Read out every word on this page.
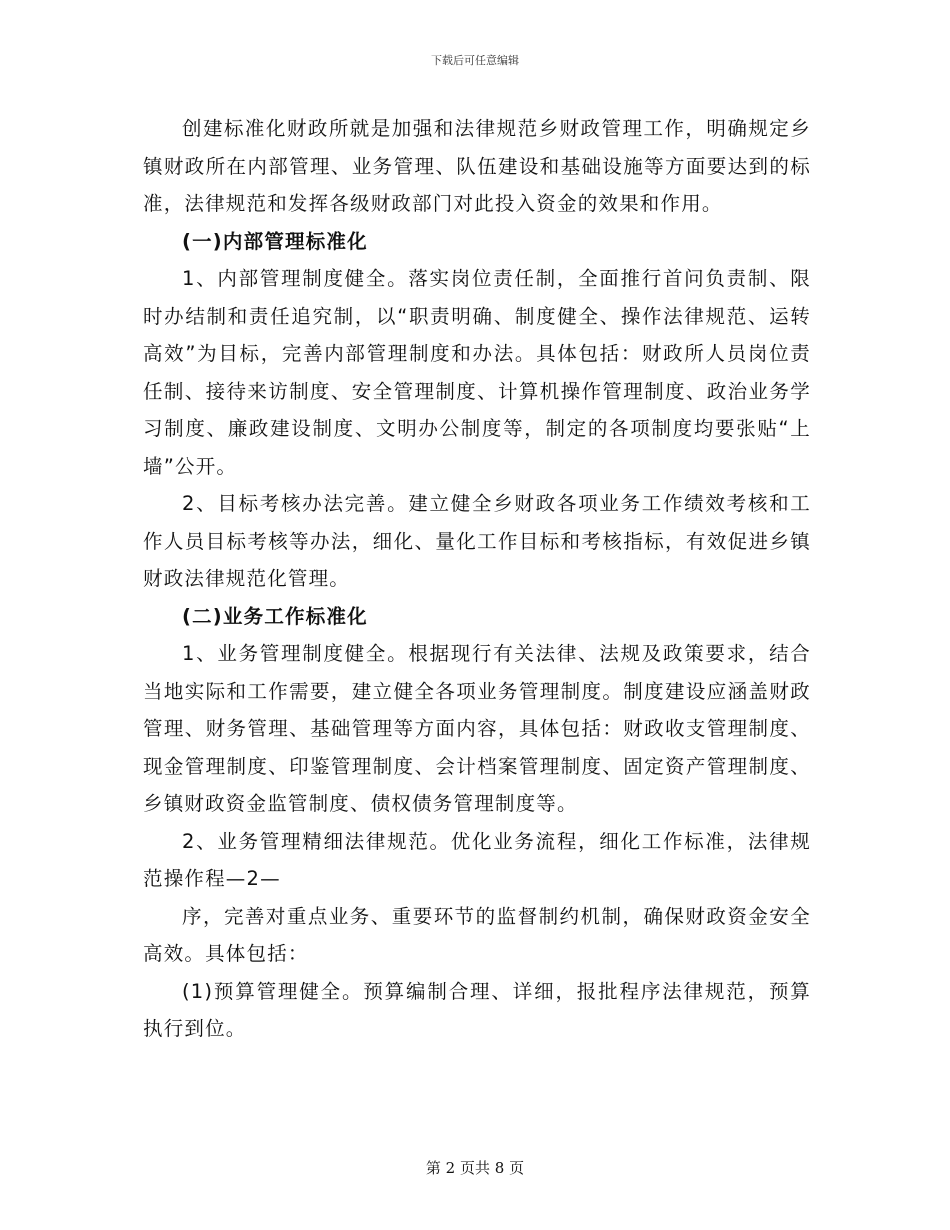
下载后可任意编辑

创建标准化财政所就是加强和法律规范乡财政管理工作，明确规定乡镇财政所在内部管理、业务管理、队伍建设和基础设施等方面要达到的标准，法律规范和发挥各级财政部门对此投入资金的效果和作用。

(一)内部管理标准化

1、内部管理制度健全。落实岗位责任制，全面推行首问负责制、限时办结制和责任追究制，以“职责明确、制度健全、操作法律规范、运转高效”为目标，完善内部管理制度和办法。具体包括：财政所人员岗位责任制、接待来访制度、安全管理制度、计算机操作管理制度、政治业务学习制度、廉政建设制度、文明办公制度等，制定的各项制度均要张贴“上墙”公开。

2、目标考核办法完善。建立健全乡财政各项业务工作绩效考核和工作人员目标考核等办法，细化、量化工作目标和考核指标，有效促进乡镇财政法律规范化管理。

(二)业务工作标准化

1、业务管理制度健全。根据现行有关法律、法规及政策要求，结合当地实际和工作需要，建立健全各项业务管理制度。制度建设应涵盖财政管理、财务管理、基础管理等方面内容，具体包括：财政收支管理制度、现金管理制度、印鉴管理制度、会计档案管理制度、固定资产管理制度、乡镇财政资金监管制度、债权债务管理制度等。

2、业务管理精细法律规范。优化业务流程，细化工作标准，法律规范操作程—2—

序，完善对重点业务、重要环节的监督制约机制，确保财政资金安全高效。具体包括：

(1)预算管理健全。预算编制合理、详细，报批程序法律规范，预算执行到位。

第 2 页共 8 页
